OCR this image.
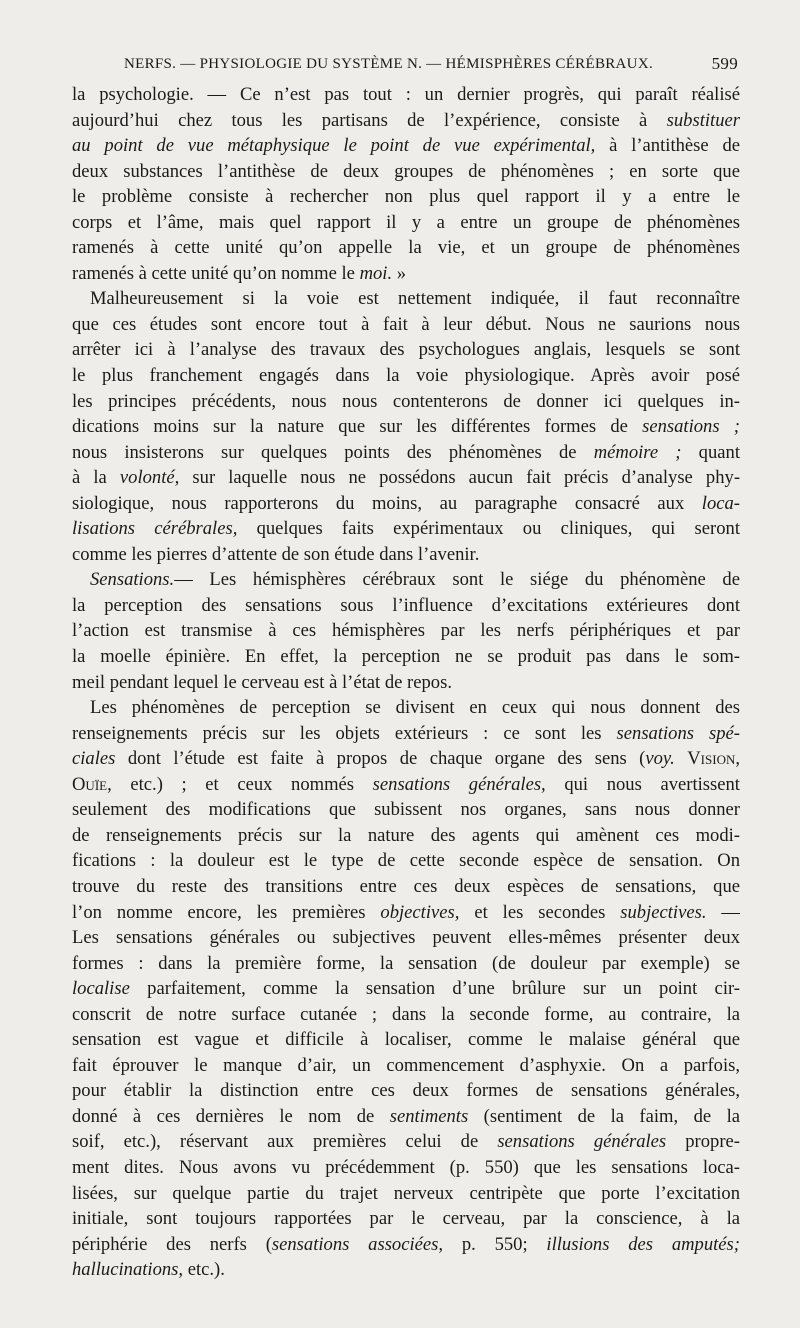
NERFS. — PHYSIOLOGIE DU SYSTÈME N. — HÉMISPHÈRES CÉRÉBRAUX.	599
la psychologie. — Ce n’est pas tout : un dernier progrès, qui paraît réalisé
aujourd’hui chez tous les partisans de l’expérience, consiste à substituer
au point de vue métaphysique le point de vue expérimental, à l’antithèse de
deux substances l’antithèse de deux groupes de phénomènes ; en sorte que
le problème consiste à rechercher non plus quel rapport il y a entre le
corps et l’âme, mais quel rapport il y a entre un groupe de phénomènes
ramenés à cette unité qu’on appelle la vie, et un groupe de phénomènes
ramenés à cette unité qu’on nomme le moi. »
Malheureusement si la voie est nettement indiquée, il faut reconnaître
que ces études sont encore tout à fait à leur début. Nous ne saurions nous
arrêter ici à l’analyse des travaux des psychologues anglais, lesquels se sont
le plus franchement engagés dans la voie physiologique. Après avoir posé
les principes précédents, nous nous contenterons de donner ici quelques in-
dications moins sur la nature que sur les différentes formes de sensations ;
nous insisterons sur quelques points des phénomènes de mémoire ; quant
à la volonté, sur laquelle nous ne possédons aucun fait précis d’analyse phy-
siologique, nous rapporterons du moins, au paragraphe consacré aux loca-
lisations cérébrales, quelques faits expérimentaux ou cliniques, qui seront
comme les pierres d’attente de son étude dans l’avenir.
Sensations.— Les hémisphères cérébraux sont le siége du phénomène de
la perception des sensations sous l’influence d’excitations extérieures dont
l’action est transmise à ces hémisphères par les nerfs périphériques et par
la moelle épinière. En effet, la perception ne se produit pas dans le som-
meil pendant lequel le cerveau est à l’état de repos.
Les phénomènes de perception se divisent en ceux qui nous donnent des
renseignements précis sur les objets extérieurs : ce sont les sensations spé-
ciales dont l’étude est faite à propos de chaque organe des sens (voy. Vision,
Ouïe, etc.) ; et ceux nommés sensations générales, qui nous avertissent
seulement des modifications que subissent nos organes, sans nous donner
de renseignements précis sur la nature des agents qui amènent ces modi-
fications : la douleur est le type de cette seconde espèce de sensation. On
trouve du reste des transitions entre ces deux espèces de sensations, que
l’on nomme encore, les premières objectives, et les secondes subjectives. —
Les sensations générales ou subjectives peuvent elles-mêmes présenter deux
formes : dans la première forme, la sensation (de douleur par exemple) se
localise parfaitement, comme la sensation d’une brûlure sur un point cir-
conscrit de notre surface cutanée ; dans la seconde forme, au contraire, la
sensation est vague et difficile à localiser, comme le malaise général que
fait éprouver le manque d’air, un commencement d’asphyxie. On a parfois,
pour établir la distinction entre ces deux formes de sensations générales,
donné à ces dernières le nom de sentiments (sentiment de la faim, de la
soif, etc.), réservant aux premières celui de sensations générales propre-
ment dites. Nous avons vu précédemment (p. 550) que les sensations loca-
lisées, sur quelque partie du trajet nerveux centripète que porte l’excitation
initiale, sont toujours rapportées par le cerveau, par la conscience, à la
périphérie des nerfs (sensations associées, p. 550; illusions des amputés;
hallucinations, etc.).
